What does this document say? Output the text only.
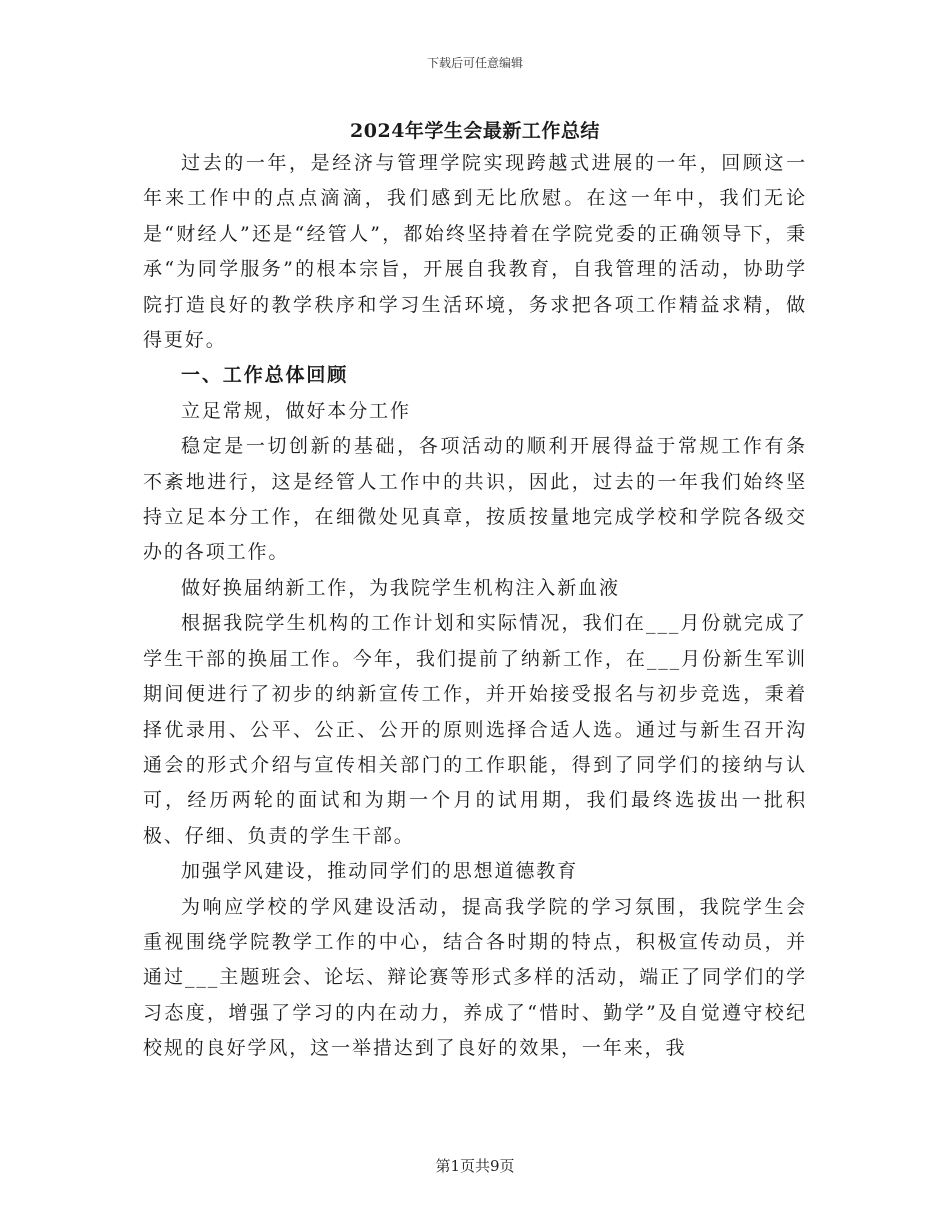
下载后可任意编辑
2024年学生会最新工作总结

过去的一年，是经济与管理学院实现跨越式进展的一年，回顾这一年来工作中的点点滴滴，我们感到无比欣慰。在这一年中，我们无论是“财经人”还是“经管人”，都始终坚持着在学院党委的正确领导下，秉承“为同学服务”的根本宗旨，开展自我教育，自我管理的活动，协助学院打造良好的教学秩序和学习生活环境，务求把各项工作精益求精，做得更好。

一、工作总体回顾

立足常规，做好本分工作

稳定是一切创新的基础，各项活动的顺利开展得益于常规工作有条不紊地进行，这是经管人工作中的共识，因此，过去的一年我们始终坚持立足本分工作，在细微处见真章，按质按量地完成学校和学院各级交办的各项工作。

做好换届纳新工作，为我院学生机构注入新血液

根据我院学生机构的工作计划和实际情况，我们在___月份就完成了学生干部的换届工作。今年，我们提前了纳新工作，在___月份新生军训期间便进行了初步的纳新宣传工作，并开始接受报名与初步竞选，秉着择优录用、公平、公正、公开的原则选择合适人选。通过与新生召开沟通会的形式介绍与宣传相关部门的工作职能，得到了同学们的接纳与认可，经历两轮的面试和为期一个月的试用期，我们最终选拔出一批积极、仔细、负责的学生干部。

加强学风建设，推动同学们的思想道德教育

为响应学校的学风建设活动，提高我学院的学习氛围，我院学生会重视围绕学院教学工作的中心，结合各时期的特点，积极宣传动员，并通过___主题班会、论坛、辩论赛等形式多样的活动，端正了同学们的学习态度，增强了学习的内在动力，养成了“惜时、勤学”及自觉遵守校纪校规的良好学风，这一举措达到了良好的效果，一年来，我

第1页共9页
